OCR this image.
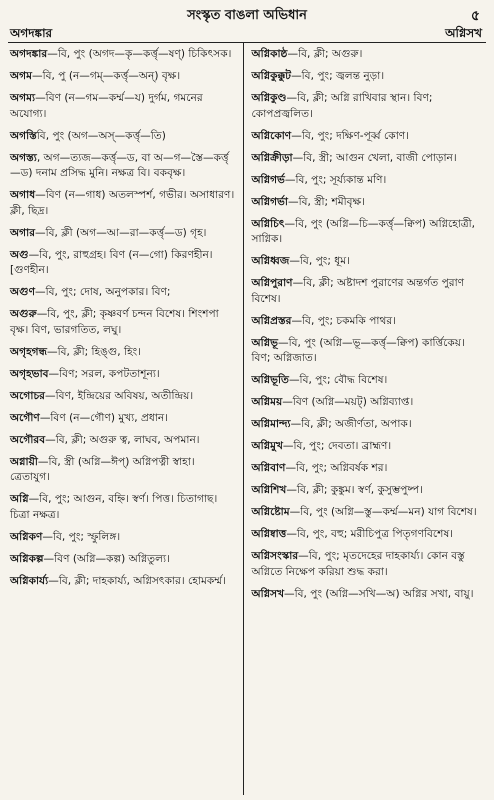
সংস্কৃত বাঙলা অভিধান	৫
অগদঙ্কার	অগ্নিসখ
অগদঙ্কার—বি, পুং (অগদ—কৃ—কর্ত্তৃ—ষণ্) চিকিৎসক।
অগম—বি, পু (ন—গম্—কর্ত্তৃ—অন্) বৃক্ষ।
অগম্য—বিণ (ন—গম—কর্ম্ম—য) দুর্গম, গমনের অযোগ্য।
অগস্তিবি, পুং (অগ—অস্—কর্ত্তৃ—তি)
অগস্ত্য, অগ—ত্যজ—কর্ত্তৃ—ড, বা অ—গ—স্তৈ—কর্ত্তৃ—ড) দনাম প্রসিদ্ধ মুনি। নক্ষত্র বি। বকবৃক্ষ।
অগাধ—বিণ (ন—গাধ) অতলস্পর্শ, গভীর। অসাধারণ। ক্লী, ছিদ্র।
অগার—বি, ক্লী (অগ—আ—রা—কর্ত্তৃ—ড) গৃহ।
অগু—বি, পুং, রাহুগ্রহ। বিণ (ন—গো) কিরণহীন। [গুণহীন।
অগুণ—বি, পুং; দোষ, অনুপকার। বিণ;
অগুরু—বি, পুং, ক্লী; কৃষ্ণবর্ণ চন্দন বিশেষ। শিংশপা বৃক্ষ। বিণ, ভারগতিত, লঘু।
অগৃহগন্ধ—বি, ক্লী; হিঙ্গু, হিং।
অগৃহভাব—বিণ; সরল, কপটতাশূন্য।
অগোচর—বিণ, ইন্দ্রিয়ের অবিষয়, অতীন্দ্রিয়।
অগৌণ—বিণ (ন—গৌণ) মুখ্য, প্রধান।
অগৌরব—বি, ক্লী; অগুরু ত্ব, লাঘব, অপমান।
অগ্নায়ী—বি, স্ত্রী (অগ্নি—ঈপ্) অগ্নিপত্নী স্বাহা। ত্রেতাযুগ।
অগ্নি—বি, পুং; আগুন, বহ্নি। স্বর্ণ। পিত্ত। চিতাগাছ। চিত্রা নক্ষত্র।
অগ্নিকণ—বি, পুং; স্ফুলিঙ্গ।
অগ্নিকল্প—বিণ (অগ্নি—কল্প) অগ্নিতুল্য।
অগ্নিকার্য্য—বি, ক্লী; দাহকার্য্য, অগ্নিসৎকার। হোমকর্ম্ম।
অগ্নিকাষ্ঠ—বি, ক্লী; অগুরু।
অগ্নিকুক্কুট—বি, পুং; জ্বলন্ত নুড়া।
অগ্নিকুণ্ড—বি, ক্লী; অগ্নি রাখিবার স্থান। বিণ; কোপপ্রজ্বলিত।
অগ্নিকোণ—বি, পুং; দক্ষিণ-পূর্ব্ব কোণ।
অগ্নিক্রীড়া—বি, স্ত্রী; আগুন খেলা, বাজী পোড়ান।
অগ্নিগর্ভ—বি, পুং; সূর্য্যকান্ত মণি।
অগ্নিগর্ভা—বি, স্ত্রী; শমীবৃক্ষ।
অগ্নিচিৎ—বি, পুং (অগ্নি—চি—কর্ত্তৃ—ক্বিপ) অগ্নিহোত্রী, সাগ্নিক।
অগ্নিধ্বজ—বি, পুং; ধূম।
অগ্নিপুরাণ—বি, ক্লী; অষ্টাদশ পুরাণের অন্তর্গত পুরাণ বিশেষ।
অগ্নিপ্রস্তর—বি, পুং; চকমকি পাথর।
অগ্নিভূ—বি, পুং (অগ্নি—ভূ—কর্ত্তৃ—ক্বিপ) কার্ত্তিকেয়। বিণ; অগ্নিজাত।
অগ্নিভূতি—বি, পুং; বৌদ্ধ বিশেষ।
অগ্নিময়—বিণ (অগ্নি—ময়ট্) অগ্নিব্যাপ্ত।
অগ্নিমান্দ্য—বি, ক্লী; অজীর্ণতা, অপাক।
অগ্নিমুখ—বি, পুং; দেবতা। ব্রাহ্মণ।
অগ্নিবাণ—বি, পুং; অগ্নিবর্ষক শর।
অগ্নিশিখ—বি, ক্লী; কুঙ্কুম। স্বর্ণ, কুসুম্ভপুষ্প।
অগ্নিষ্টোম—বি, পুং (অগ্নি—স্তু—কর্ম্ম—মন) যাগ বিশেষ।
অগ্নিষ্বাত্ত—বি, পুং, বহু; মরীচিপুত্র পিতৃগণবিশেষ।
অগ্নিসংস্কার—বি, পুং; মৃতদেহের দাহকার্য্য। কোন বস্তু অগ্নিতে নিক্ষেপ করিয়া শুদ্ধ করা।
অগ্নিসখ—বি, পুং (অগ্নি—সখি—অ) অগ্নির সখা, বায়ু।
